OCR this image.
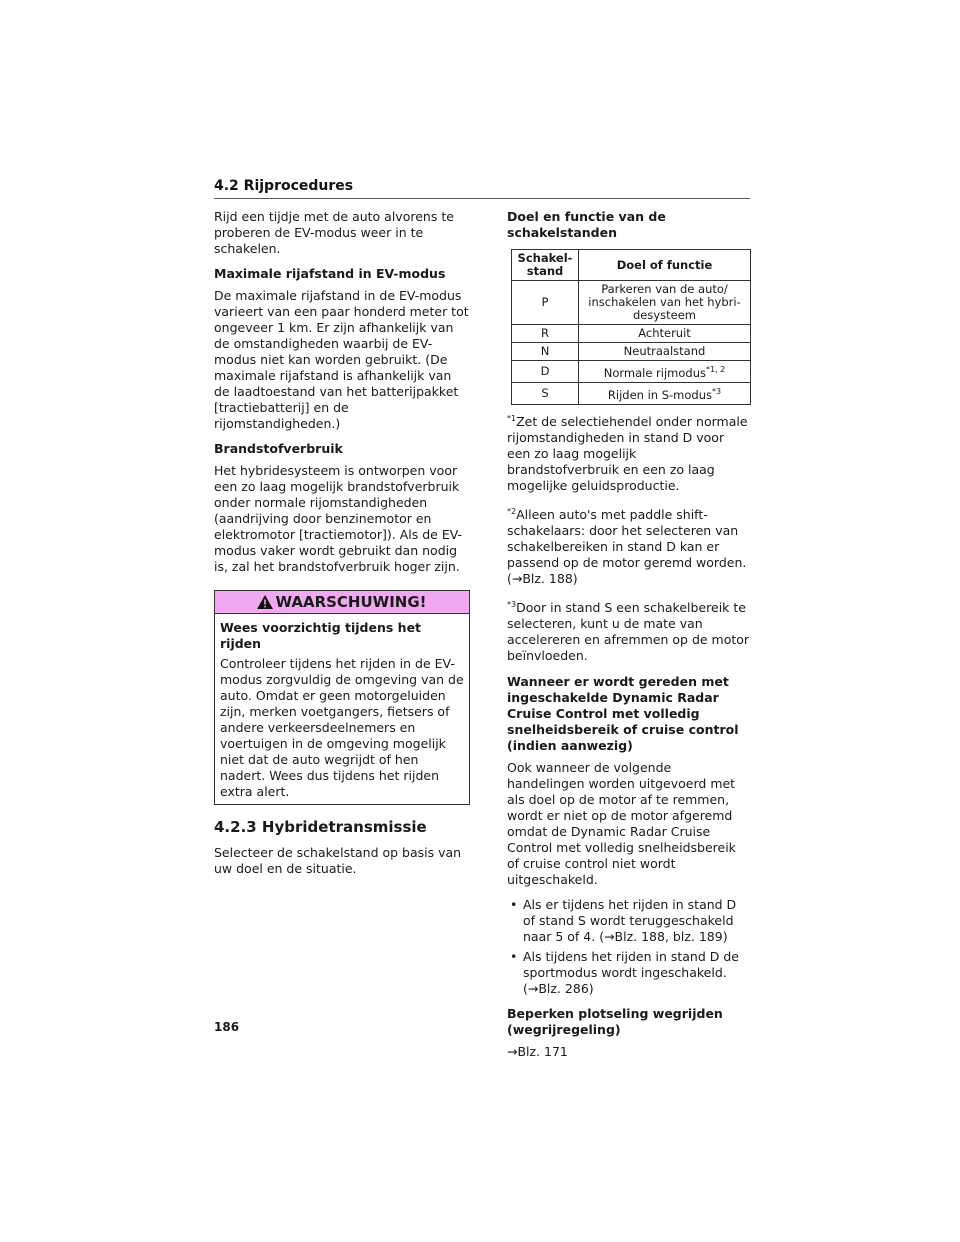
4.2 Rijprocedures

Rijd een tijdje met de auto alvorens te proberen de EV-modus weer in te schakelen.

Maximale rijafstand in EV-modus

De maximale rijafstand in de EV-modus varieert van een paar honderd meter tot ongeveer 1 km. Er zijn afhankelijk van de omstandigheden waarbij de EV-modus niet kan worden gebruikt. (De maximale rijafstand is afhankelijk van de laadtoestand van het batterijpakket [tractiebatterij] en de rijomstandigheden.)

Brandstofverbruik

Het hybridesysteem is ontworpen voor een zo laag mogelijk brandstofverbruik onder normale rijomstandigheden (aandrijving door benzinemotor en elektromotor [tractiemotor]). Als de EV-modus vaker wordt gebruikt dan nodig is, zal het brandstofverbruik hoger zijn.

WAARSCHUWING!

Wees voorzichtig tijdens het rijden

Controleer tijdens het rijden in de EV-modus zorgvuldig de omgeving van de auto. Omdat er geen motorgeluiden zijn, merken voetgangers, fietsers of andere verkeersdeelnemers en voertuigen in de omgeving mogelijk niet dat de auto wegrijdt of hen nadert. Wees dus tijdens het rijden extra alert.

4.2.3 Hybridetransmissie

Selecteer de schakelstand op basis van uw doel en de situatie.

Doel en functie van de schakelstanden

Schakel-stand	Doel of functie
P	Parkeren van de auto/ inschakelen van het hybri-desysteem
R	Achteruit
N	Neutraalstand
D	Normale rijmodus$^{*1, 2}$
S	Rijden in S-modus$^{*3}$

$^{*1}$Zet de selectiehendel onder normale rijomstandigheden in stand D voor een zo laag mogelijk brandstofverbruik en een zo laag mogelijke geluidsproductie.

$^{*2}$Alleen auto's met paddle shift-schakelaars: door het selecteren van schakelbereiken in stand D kan er passend op de motor geremd worden. (→Blz. 188)

$^{*3}$Door in stand S een schakelbereik te selecteren, kunt u de mate van accelereren en afremmen op de motor beïnvloeden.

Wanneer er wordt gereden met ingeschakelde Dynamic Radar Cruise Control met volledig snelheidsbereik of cruise control (indien aanwezig)

Ook wanneer de volgende handelingen worden uitgevoerd met als doel op de motor af te remmen, wordt er niet op de motor afgeremd omdat de Dynamic Radar Cruise Control met volledig snelheidsbereik of cruise control niet wordt uitgeschakeld.

• Als er tijdens het rijden in stand D of stand S wordt teruggeschakeld naar 5 of 4. (→Blz. 188, blz. 189)
• Als tijdens het rijden in stand D de sportmodus wordt ingeschakeld. (→Blz. 286)

Beperken plotseling wegrijden (wegrijregeling)

→Blz. 171

186
